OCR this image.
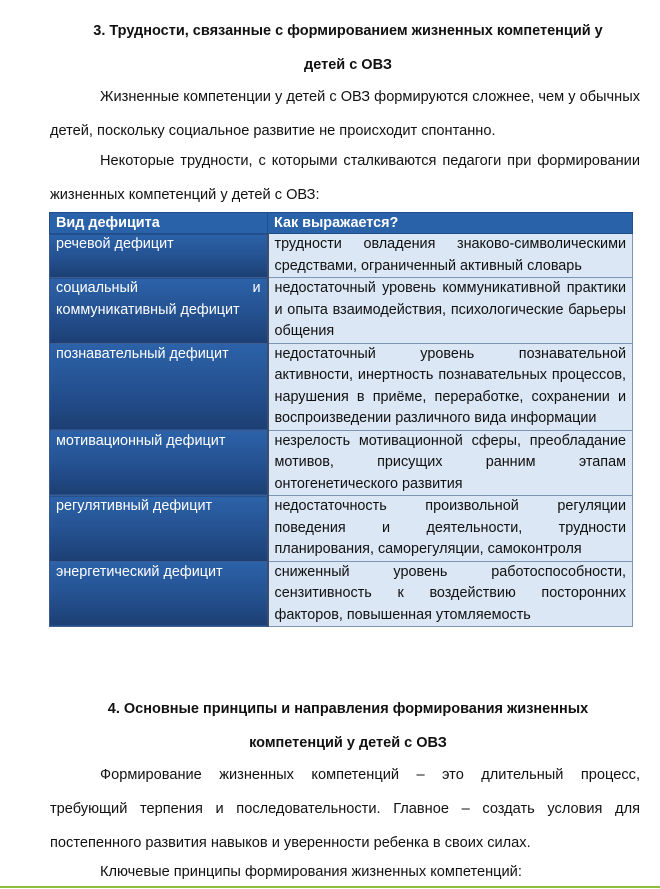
3. Трудности, связанные с формированием жизненных компетенций у
детей с ОВЗ
Жизненные компетенции у детей с ОВЗ формируются сложнее, чем у обычных детей, поскольку социальное развитие не происходит спонтанно.
Некоторые трудности, с которыми сталкиваются педагоги при формировании жизненных компетенций у детей с ОВЗ:
Вид дефицита	Как выражается?
речевой дефицит	трудности овладения знаково-символическими средствами, ограниченный активный словарь
социальный и коммуникативный дефицит	недостаточный уровень коммуникативной практики и опыта взаимодействия, психологические барьеры общения
познавательный дефицит	недостаточный уровень познавательной активности, инертность познавательных процессов, нарушения в приёме, переработке, сохранении и воспроизведении различного вида информации
мотивационный дефицит	незрелость мотивационной сферы, преобладание мотивов, присущих ранним этапам онтогенетического развития
регулятивный дефицит	недостаточность произвольной регуляции поведения и деятельности, трудности планирования, саморегуляции, самоконтроля
энергетический дефицит	сниженный уровень работоспособности, сензитивность к воздействию посторонних факторов, повышенная утомляемость
4. Основные принципы и направления формирования жизненных
компетенций у детей с ОВЗ
Формирование жизненных компетенций – это длительный процесс, требующий терпения и последовательности. Главное – создать условия для постепенного развития навыков и уверенности ребенка в своих силах.
Ключевые принципы формирования жизненных компетенций:
